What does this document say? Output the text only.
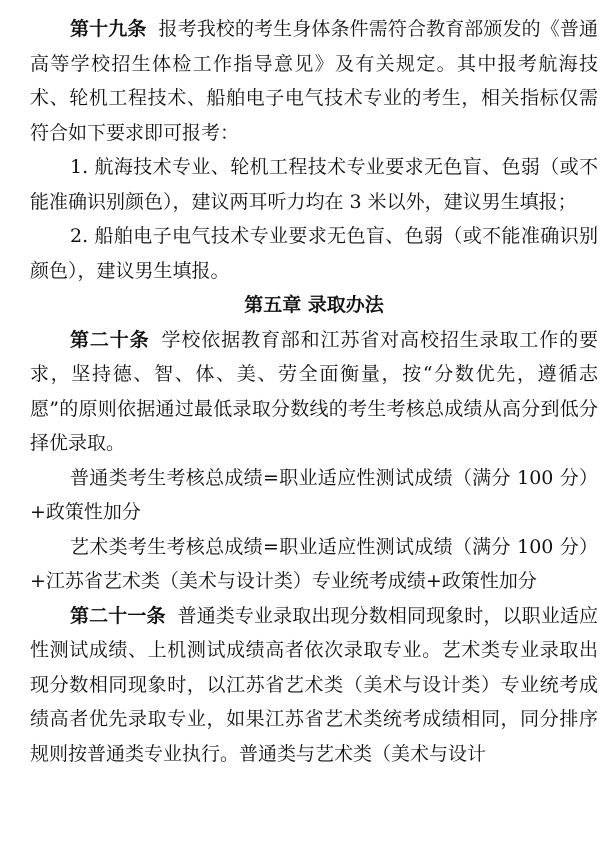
第十九条 报考我校的考生身体条件需符合教育部颁发的《普通高等学校招生体检工作指导意见》及有关规定。其中报考航海技术、轮机工程技术、船舶电子电气技术专业的考生，相关指标仅需符合如下要求即可报考：

1. 航海技术专业、轮机工程技术专业要求无色盲、色弱（或不能准确识别颜色），建议两耳听力均在 3 米以外，建议男生填报；

2. 船舶电子电气技术专业要求无色盲、色弱（或不能准确识别颜色），建议男生填报。

第五章 录取办法

第二十条 学校依据教育部和江苏省对高校招生录取工作的要求，坚持德、智、体、美、劳全面衡量，按“分数优先，遵循志愿”的原则依据通过最低录取分数线的考生考核总成绩从高分到低分择优录取。

普通类考生考核总成绩=职业适应性测试成绩（满分 100 分）+政策性加分

艺术类考生考核总成绩=职业适应性测试成绩（满分 100 分）+江苏省艺术类（美术与设计类）专业统考成绩+政策性加分

第二十一条 普通类专业录取出现分数相同现象时，以职业适应性测试成绩、上机测试成绩高者依次录取专业。艺术类专业录取出现分数相同现象时，以江苏省艺术类（美术与设计类）专业统考成绩高者优先录取专业，如果江苏省艺术类统考成绩相同，同分排序规则按普通类专业执行。普通类与艺术类（美术与设计
